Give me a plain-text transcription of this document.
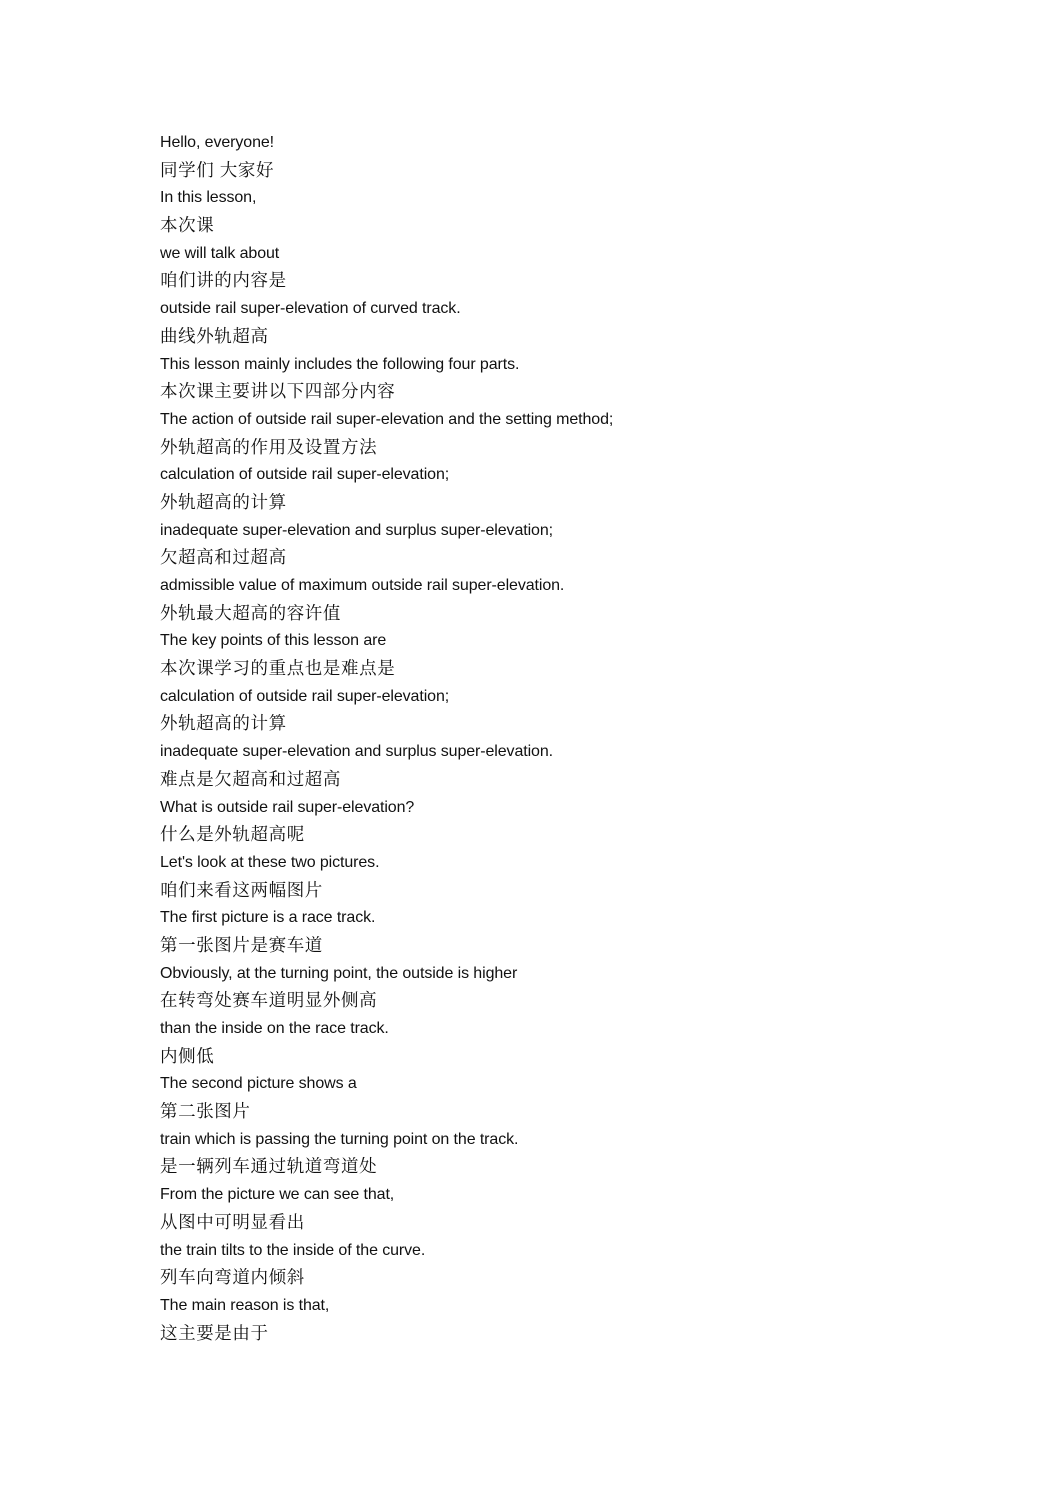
Hello, everyone!
同学们 大家好
In this lesson,
本次课
we will talk about
咱们讲的内容是
outside rail super-elevation of curved track.
曲线外轨超高
This lesson mainly includes the following four parts.
本次课主要讲以下四部分内容
The action of outside rail super-elevation and the setting method;
外轨超高的作用及设置方法
calculation of outside rail super-elevation;
外轨超高的计算
inadequate super-elevation and surplus super-elevation;
欠超高和过超高
admissible value of maximum outside rail super-elevation.
外轨最大超高的容许值
The key points of this lesson are
本次课学习的重点也是难点是
calculation of outside rail super-elevation;
外轨超高的计算
inadequate super-elevation and surplus super-elevation.
难点是欠超高和过超高
What is outside rail super-elevation?
什么是外轨超高呢
Let's look at these two pictures.
咱们来看这两幅图片
The first picture is a race track.
第一张图片是赛车道
Obviously, at the turning point, the outside is higher
在转弯处赛车道明显外侧高
than the inside on the race track.
内侧低
The second picture shows a
第二张图片
train which is passing the turning point on the track.
是一辆列车通过轨道弯道处
From the picture we can see that,
从图中可明显看出
the train tilts to the inside of the curve.
列车向弯道内倾斜
The main reason is that,
这主要是由于
